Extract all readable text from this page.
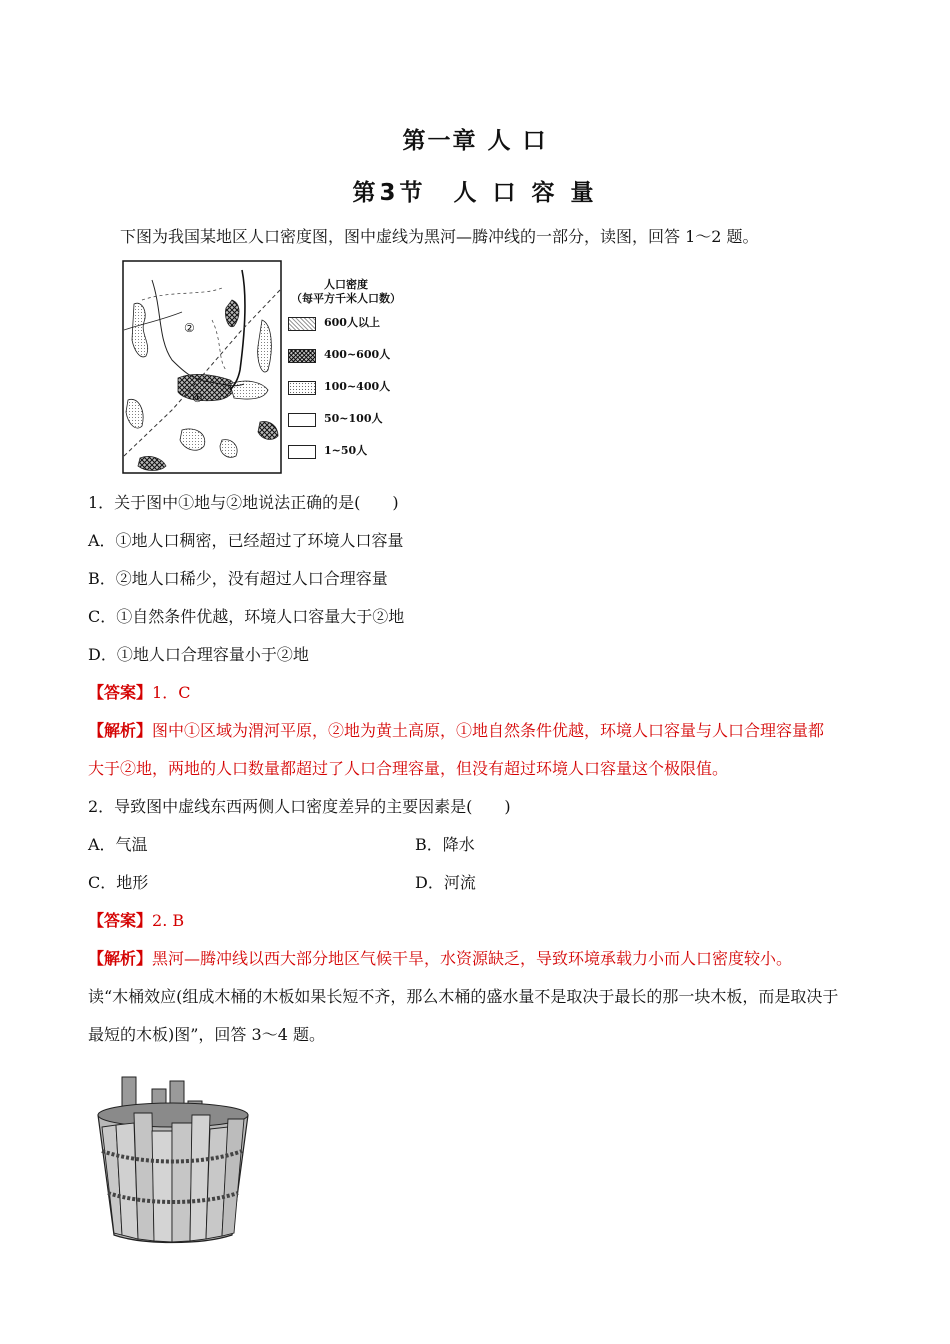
第一章 人 口
第3节　人 口 容 量
下图为我国某地区人口密度图，图中虚线为黑河—腾冲线的一部分，读图，回答 1～2 题。
②
①
人口密度
（每平方千米人口数）
600人以上
400~600人
100~400人
50~100人
1~50人
1．关于图中①地与②地说法正确的是(　　)
A．①地人口稠密，已经超过了环境人口容量
B．②地人口稀少，没有超过人口合理容量
C．①自然条件优越，环境人口容量大于②地
D．①地人口合理容量小于②地
【答案】1．C
【解析】图中①区域为渭河平原，②地为黄土高原，①地自然条件优越，环境人口容量与人口合理容量都
大于②地，两地的人口数量都超过了人口合理容量，但没有超过环境人口容量这个极限值。
2．导致图中虚线东西两侧人口密度差异的主要因素是(　　)
A．气温	B．降水
C．地形	D．河流
【答案】2. B
【解析】黑河—腾冲线以西大部分地区气候干旱，水资源缺乏，导致环境承载力小而人口密度较小。
读“木桶效应(组成木桶的木板如果长短不齐，那么木桶的盛水量不是取决于最长的那一块木板，而是取决于
最短的木板)图”，回答 3～4 题。
